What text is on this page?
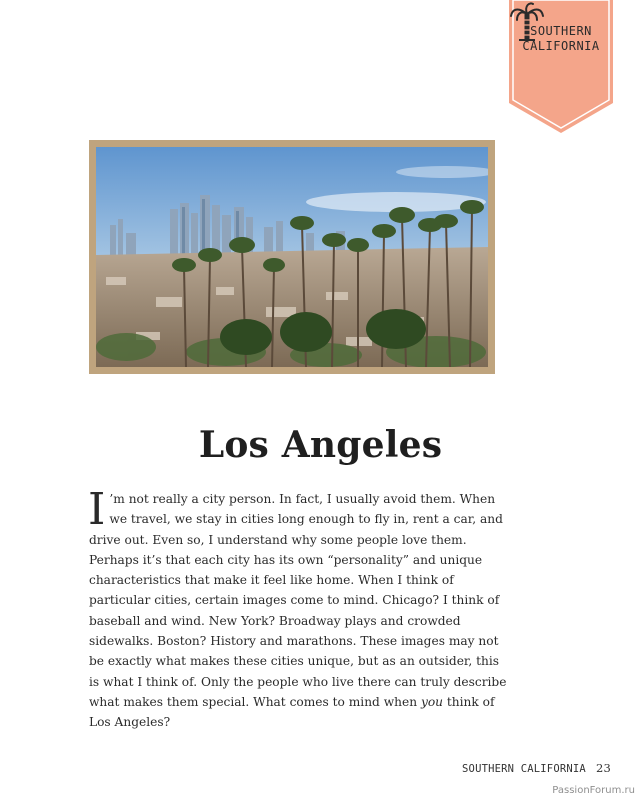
SOUTHERN
CALIFORNIA
Los Angeles

I ’m not really a city person. In fact, I usually avoid them. When we travel, we stay in cities long enough to fly in, rent a car, and drive out. Even so, I understand why some people love them. Perhaps it’s that each city has its own “personality” and unique characteristics that make it feel like home. When I think of particular cities, certain images come to mind. Chicago? I think of baseball and wind. New York? Broadway plays and crowded sidewalks. Boston? History and marathons. These images may not be exactly what makes these cities unique, but as an outsider, this is what I think of. Only the people who live there can truly describe what makes them special. What comes to mind when you think of Los Angeles?

SOUTHERN CALIFORNIA 23
PassionForum.ru
